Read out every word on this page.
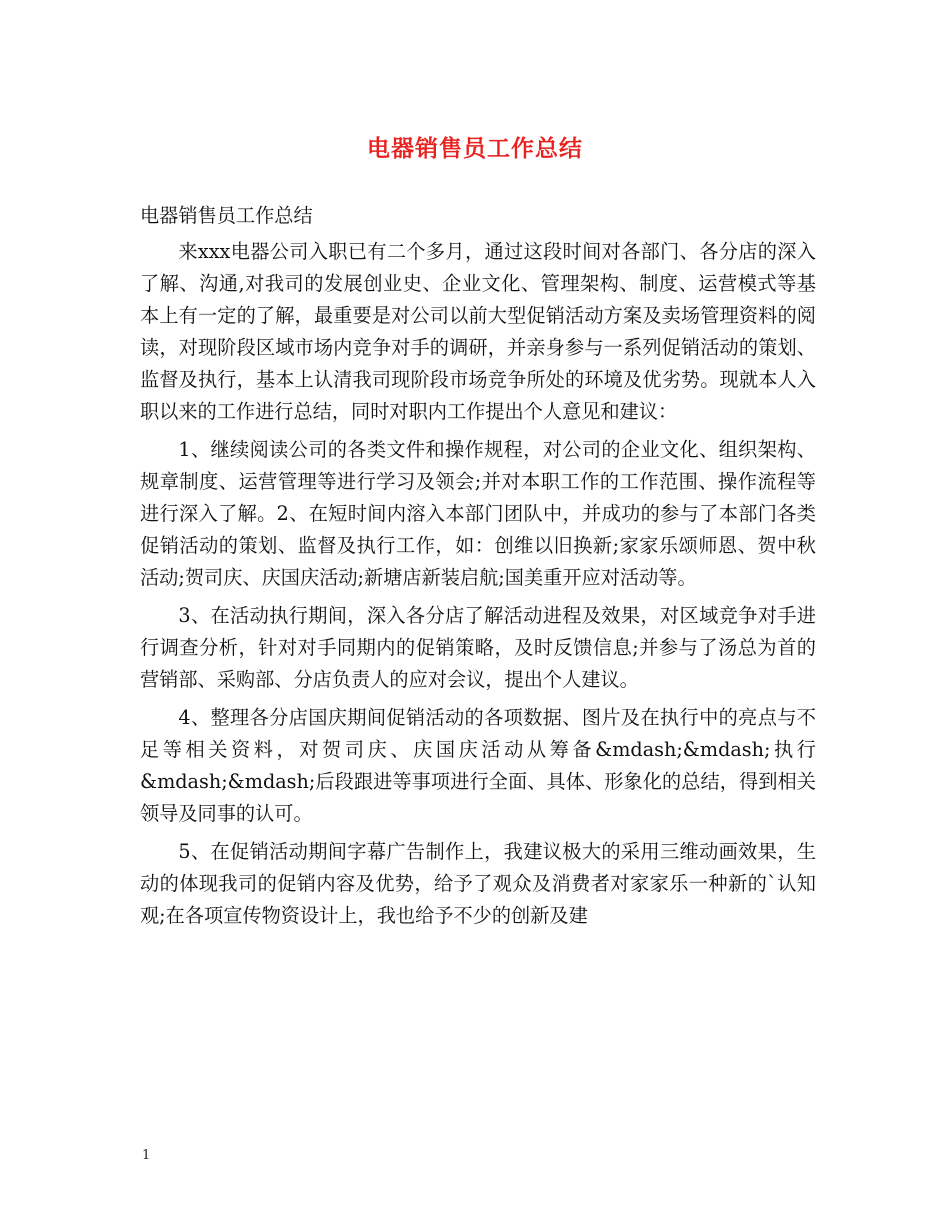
电器销售员工作总结

电器销售员工作总结

来xxx电器公司入职已有二个多月，通过这段时间对各部门、各分店的深入了解、沟通,对我司的发展创业史、企业文化、管理架构、制度、运营模式等基本上有一定的了解，最重要是对公司以前大型促销活动方案及卖场管理资料的阅读，对现阶段区域市场内竞争对手的调研，并亲身参与一系列促销活动的策划、监督及执行，基本上认清我司现阶段市场竞争所处的环境及优劣势。现就本人入职以来的工作进行总结，同时对职内工作提出个人意见和建议：

1、继续阅读公司的各类文件和操作规程，对公司的企业文化、组织架构、规章制度、运营管理等进行学习及领会;并对本职工作的工作范围、操作流程等进行深入了解。2、在短时间内溶入本部门团队中，并成功的参与了本部门各类促销活动的策划、监督及执行工作，如：创维以旧换新;家家乐颂师恩、贺中秋活动;贺司庆、庆国庆活动;新塘店新装启航;国美重开应对活动等。

3、在活动执行期间，深入各分店了解活动进程及效果，对区域竞争对手进行调查分析，针对对手同期内的促销策略，及时反馈信息;并参与了汤总为首的营销部、采购部、分店负责人的应对会议，提出个人建议。

4、整理各分店国庆期间促销活动的各项数据、图片及在执行中的亮点与不足等相关资料，对贺司庆、庆国庆活动从筹备&mdash;&mdash;执行&mdash;&mdash;后段跟进等事项进行全面、具体、形象化的总结，得到相关领导及同事的认可。

5、在促销活动期间字幕广告制作上，我建议极大的采用三维动画效果，生动的体现我司的促销内容及优势，给予了观众及消费者对家家乐一种新的`认知观;在各项宣传物资设计上，我也给予不少的创新及建

1
